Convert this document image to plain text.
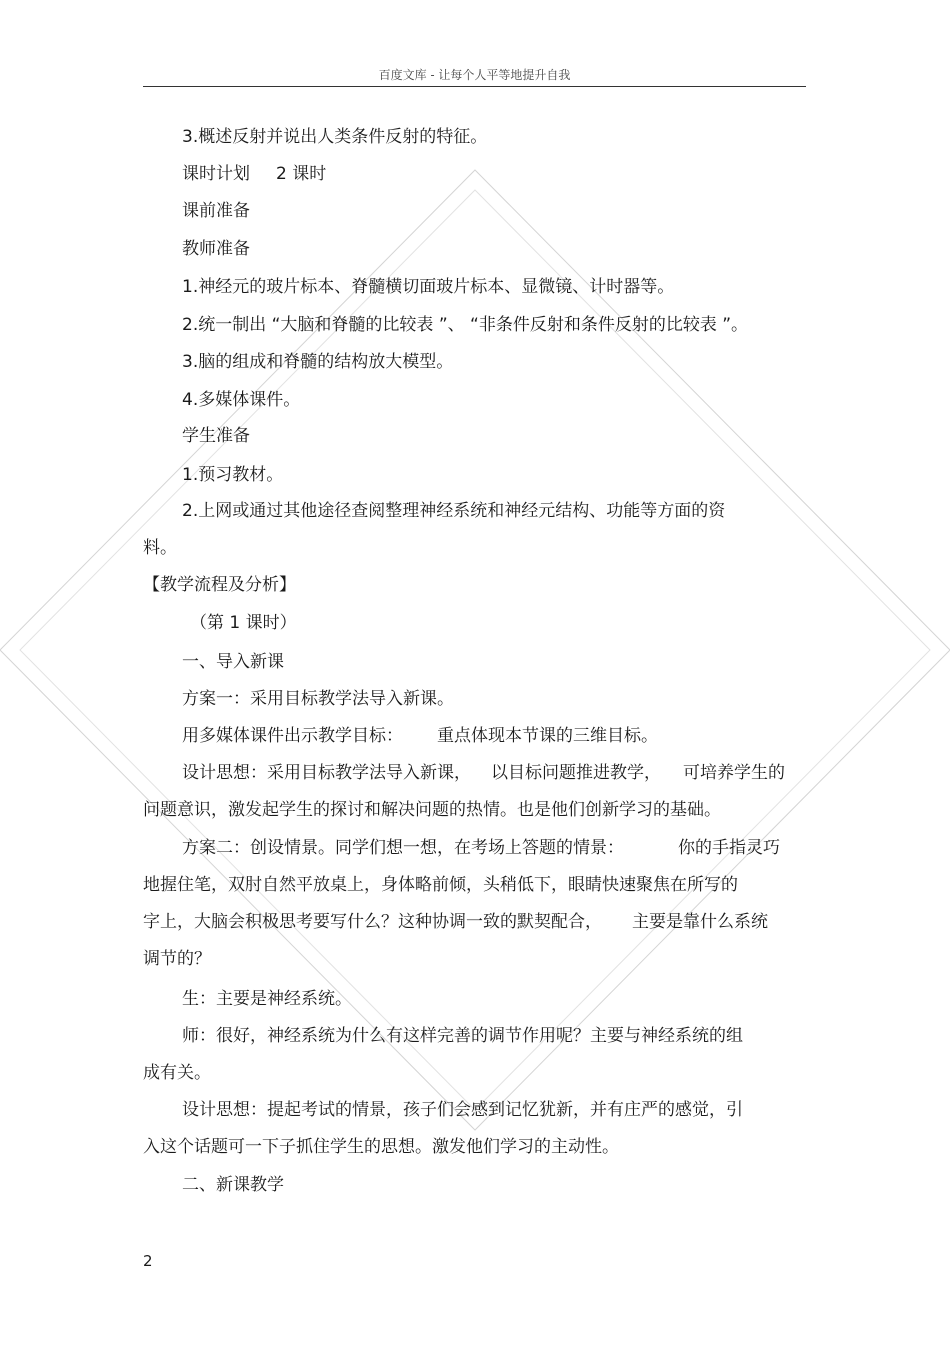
百度文库 - 让每个人平等地提升自我
3.概述反射并说出人类条件反射的特征。
课时计划 2 课时
课前准备
教师准备
1.神经元的玻片标本、脊髓横切面玻片标本、显微镜、计时器等。
2.统一制出 “大脑和脊髓的比较表 ”、 “非条件反射和条件反射的比较表 ”。
3.脑的组成和脊髓的结构放大模型。
4.多媒体课件。
学生准备
1.预习教材。
2.上网或通过其他途径查阅整理神经系统和神经元结构、功能等方面的资
料。
【教学流程及分析】
（第 1 课时）
一、导入新课
方案一：采用目标教学法导入新课。
用多媒体课件出示教学目标： 重点体现本节课的三维目标。
设计思想：采用目标教学法导入新课， 以目标问题推进教学， 可培养学生的
问题意识，激发起学生的探讨和解决问题的热情。也是他们创新学习的基础。
方案二：创设情景。同学们想一想，在考场上答题的情景：	你的手指灵巧
地握住笔，双肘自然平放桌上，身体略前倾，头稍低下，眼睛快速聚焦在所写的
字上，大脑会积极思考要写什么？这种协调一致的默契配合， 主要是靠什么系统
调节的？
生：主要是神经系统。
师：很好，神经系统为什么有这样完善的调节作用呢？主要与神经系统的组
成有关。
设计思想：提起考试的情景，孩子们会感到记忆犹新，并有庄严的感觉，引
入这个话题可一下子抓住学生的思想。激发他们学习的主动性。
二、新课教学
2
